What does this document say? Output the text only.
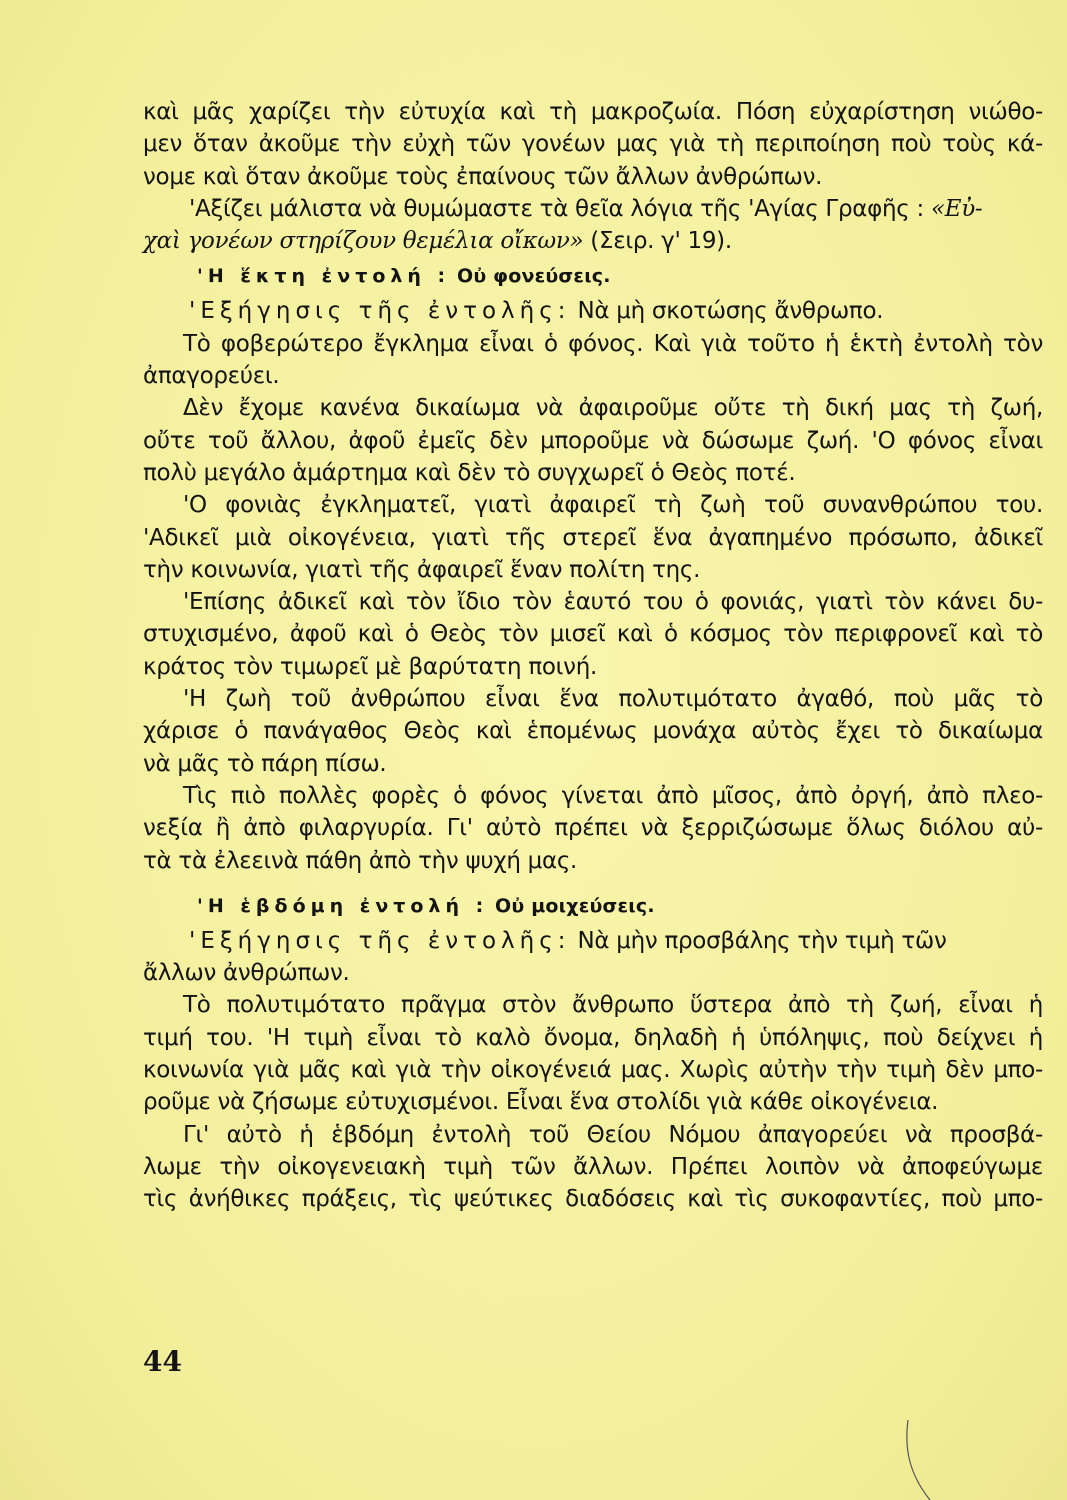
καὶ μᾶς χαρίζει τὴν εὐτυχία καὶ τὴ μακροζωία. Πόση εὐχαρίστηση νιώθο-
μεν ὅταν ἀκοῦμε τὴν εὐχὴ τῶν γονέων μας γιὰ τὴ περιποίηση ποὺ τοὺς κά-
νομε καὶ ὅταν ἀκοῦμε τοὺς ἐπαίνους τῶν ἄλλων ἀνθρώπων.
'Αξίζει μάλιστα νὰ θυμώμαστε τὰ θεῖα λόγια τῆς 'Αγίας Γραφῆς : «Εὐ-
χαὶ γονέων στηρίζουν θεμέλια οἴκων» (Σειρ. γ' 19).
'Η ἕκτη ἐντολή : Οὐ φονεύσεις.
'Εξήγησις τῆς ἐντολῆς: Νὰ μὴ σκοτώσης ἄνθρωπο.
Τὸ φοβερώτερο ἔγκλημα εἶναι ὁ φόνος. Καὶ γιὰ τοῦτο ἡ ἑκτὴ ἐντολὴ τὸν
ἀπαγορεύει.
Δὲν ἔχομε κανένα δικαίωμα νὰ ἀφαιροῦμε οὔτε τὴ δική μας τὴ ζωή,
οὔτε τοῦ ἄλλου, ἀφοῦ ἐμεῖς δὲν μποροῦμε νὰ δώσωμε ζωή. 'Ο φόνος εἶναι
πολὺ μεγάλο ἁμάρτημα καὶ δὲν τὸ συγχωρεῖ ὁ Θεὸς ποτέ.
'Ο φονιὰς ἐγκληματεῖ, γιατὶ ἀφαιρεῖ τὴ ζωὴ τοῦ συνανθρώπου του.
'Αδικεῖ μιὰ οἰκογένεια, γιατὶ τῆς στερεῖ ἕνα ἀγαπημένο πρόσωπο, ἀδικεῖ
τὴν κοινωνία, γιατὶ τῆς ἀφαιρεῖ ἕναν πολίτη της.
'Επίσης ἀδικεῖ καὶ τὸν ἴδιο τὸν ἑαυτό του ὁ φονιάς, γιατὶ τὸν κάνει δυ-
στυχισμένο, ἀφοῦ καὶ ὁ Θεὸς τὸν μισεῖ καὶ ὁ κόσμος τὸν περιφρονεῖ καὶ τὸ
κράτος τὸν τιμωρεῖ μὲ βαρύτατη ποινή.
'Η ζωὴ τοῦ ἀνθρώπου εἶναι ἕνα πολυτιμότατο ἀγαθό, ποὺ μᾶς τὸ
χάρισε ὁ πανάγαθος Θεὸς καὶ ἑπομένως μονάχα αὐτὸς ἔχει τὸ δικαίωμα
νὰ μᾶς τὸ πάρη πίσω.
Τὶς πιὸ πολλὲς φορὲς ὁ φόνος γίνεται ἀπὸ μῖσος, ἀπὸ ὀργή, ἀπὸ πλεο-
νεξία ἢ ἀπὸ φιλαργυρία. Γι' αὐτὸ πρέπει νὰ ξερριζώσωμε ὅλως διόλου αὐ-
τὰ τὰ ἐλεεινὰ πάθη ἀπὸ τὴν ψυχή μας.
'Η ἑβδόμη ἐντολή : Οὐ μοιχεύσεις.
'Εξήγησις τῆς ἐντολῆς: Νὰ μὴν προσβάλης τὴν τιμὴ τῶν
ἄλλων ἀνθρώπων.
Τὸ πολυτιμότατο πρᾶγμα στὸν ἄνθρωπο ὕστερα ἀπὸ τὴ ζωή, εἶναι ἡ
τιμή του. 'Η τιμὴ εἶναι τὸ καλὸ ὄνομα, δηλαδὴ ἡ ὑπόληψις, ποὺ δείχνει ἡ
κοινωνία γιὰ μᾶς καὶ γιὰ τὴν οἰκογένειά μας. Χωρὶς αὐτὴν τὴν τιμὴ δὲν μπο-
ροῦμε νὰ ζήσωμε εὐτυχισμένοι. Εἶναι ἕνα στολίδι γιὰ κάθε οἰκογένεια.
Γι' αὐτὸ ἡ ἑβδόμη ἐντολὴ τοῦ Θείου Νόμου ἀπαγορεύει νὰ προσβά-
λωμε τὴν οἰκογενειακὴ τιμὴ τῶν ἄλλων. Πρέπει λοιπὸν νὰ ἀποφεύγωμε
τὶς ἀνήθικες πράξεις, τὶς ψεύτικες διαδόσεις καὶ τὶς συκοφαντίες, ποὺ μπο-
44
